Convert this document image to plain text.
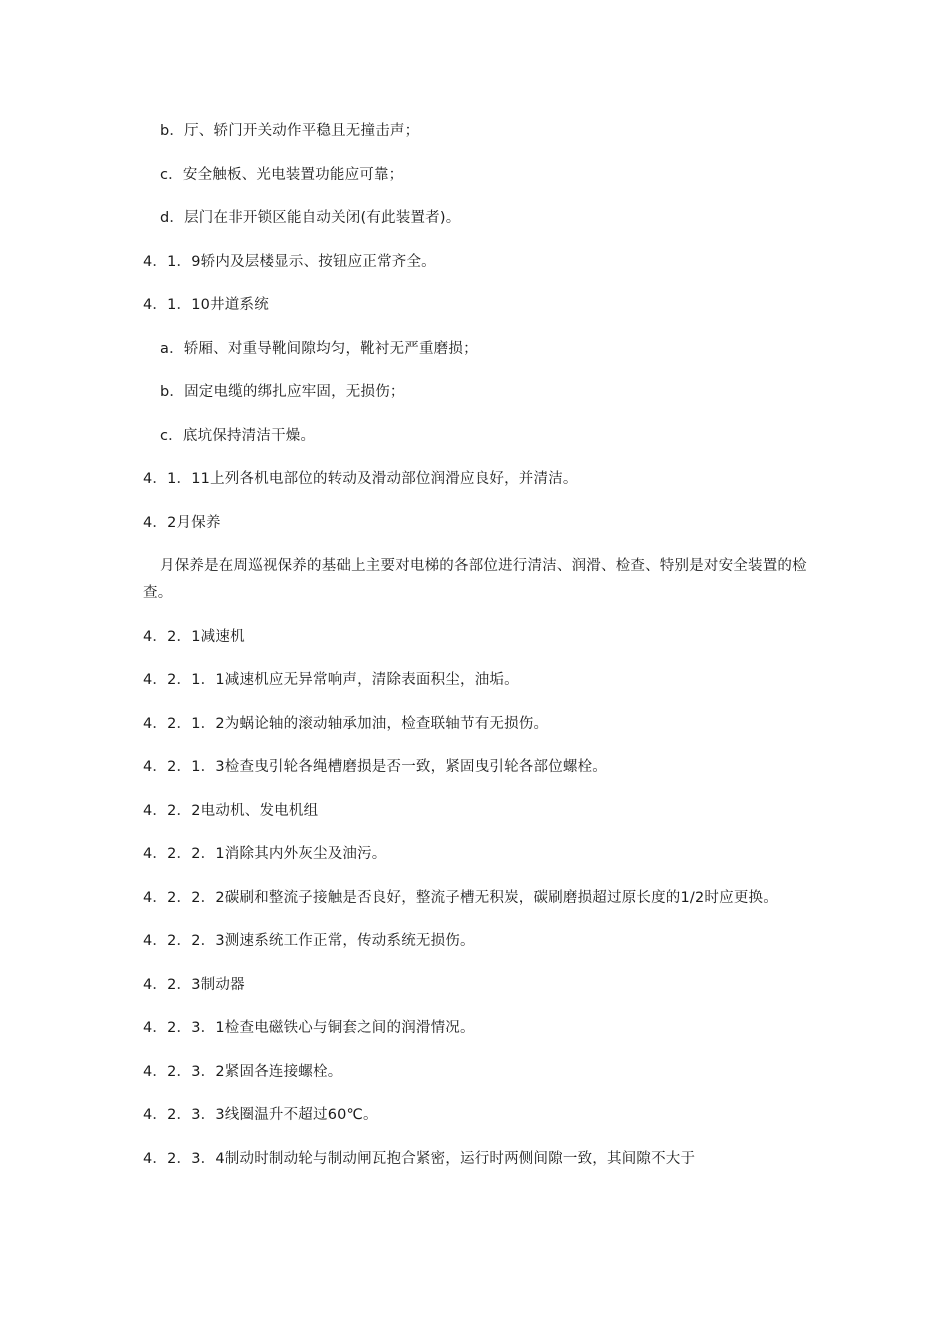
b．厅、轿门开关动作平稳且无撞击声；

c．安全触板、光电装置功能应可靠；

d．层门在非开锁区能自动关闭(有此装置者)。

4．1．9轿内及层楼显示、按钮应正常齐全。

4．1．10井道系统

a．轿厢、对重导靴间隙均匀，靴衬无严重磨损；

b．固定电缆的绑扎应牢固，无损伤；

c．底坑保持清洁干燥。

4．1．11上列各机电部位的转动及滑动部位润滑应良好，并清洁。

4．2月保养

月保养是在周巡视保养的基础上主要对电梯的各部位进行清洁、润滑、检查、特别是对安全装置的检查。

4．2．1减速机

4．2．1．1减速机应无异常响声，清除表面积尘，油垢。

4．2．1．2为蜗论轴的滚动轴承加油，检查联轴节有无损伤。

4．2．1．3检查曳引轮各绳槽磨损是否一致，紧固曳引轮各部位螺栓。

4．2．2电动机、发电机组

4．2．2．1消除其内外灰尘及油污。

4．2．2．2碳刷和整流子接触是否良好，整流子槽无积炭，碳刷磨损超过原长度的1/2时应更换。

4．2．2．3测速系统工作正常，传动系统无损伤。

4．2．3制动器

4．2．3．1检查电磁铁心与铜套之间的润滑情况。

4．2．3．2紧固各连接螺栓。

4．2．3．3线圈温升不超过60℃。

4．2．3．4制动时制动轮与制动闸瓦抱合紧密，运行时两侧间隙一致，其间隙不大于
